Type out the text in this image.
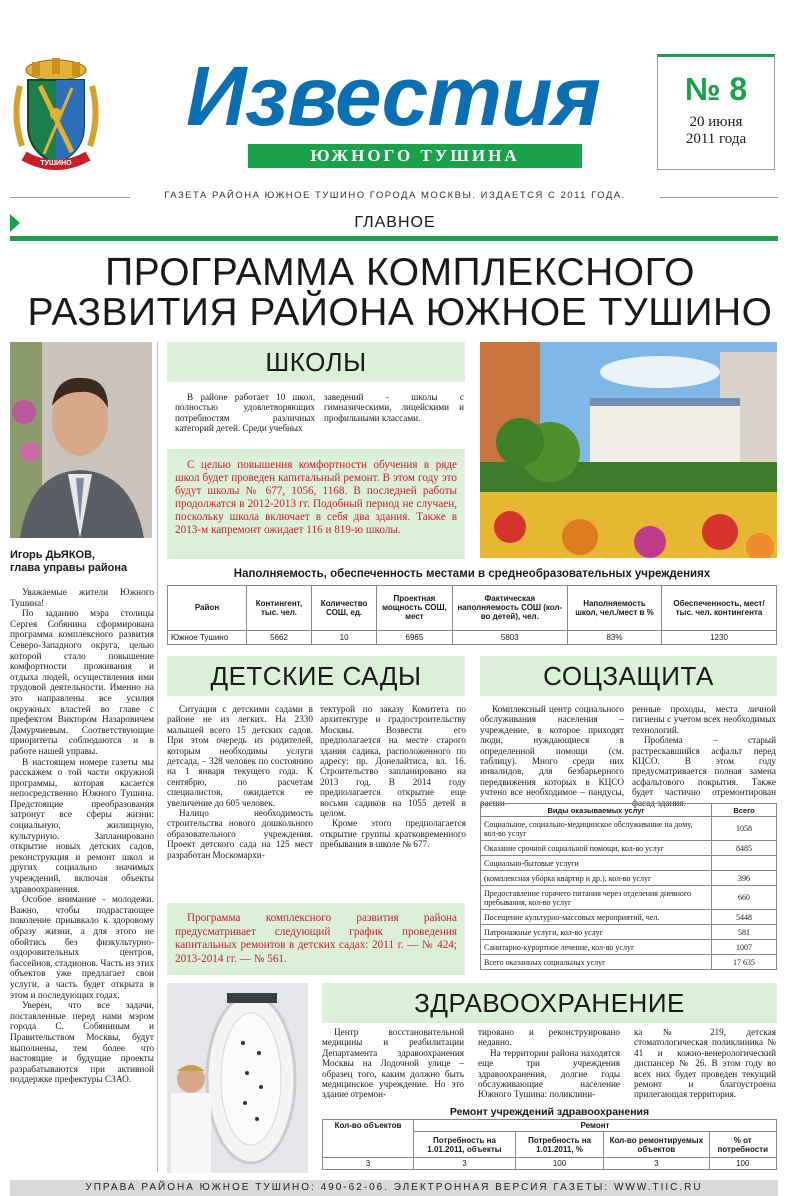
ТУШИНО
Известия
ЮЖНОГО ТУШИНА
№ 8
20 июня
2011 года
ГАЗЕТА РАЙОНА ЮЖНОЕ ТУШИНО ГОРОДА МОСКВЫ. ИЗДАЕТСЯ С 2011 ГОДА.
ГЛАВНОЕ
ПРОГРАММА КОМПЛЕКСНОГО
РАЗВИТИЯ РАЙОНА ЮЖНОЕ ТУШИНО
Игорь ДЬЯКОВ,
глава управы района

Уважаемые жители Южного Тушина!

По заданию мэра столицы Сергея Собянина сформирована программа комплексного развития Северо-Западного округа, целью которой стало повышение комфортности проживания и отдыха людей, осуществления ими трудовой деятельности. Именно на это направлены все усилия окружных властей во главе с префектом Виктором Назаровичем Дамурчиевым. Соответствующие приоритеты соблюдаются и в работе нашей управы.

В настоящем номере газеты мы расскажем о той части окружной программы, которая касается непосредственно Южного Тушина. Предстоящие преобразования затронут все сферы жизни: социальную, жилищную, культурную. Запланировано открытие новых детских садов, реконструкция и ремонт школ и других социально значимых учреждений, включая объекты здравоохранения.

Особое внимание - молодежи. Важно, чтобы подрастающее поколение приывкало к здоровому образу жизни, а для этого не обойтись без физкультурно-оздоровительных центров, бассейнов, стадионов. Часть из этих объектов уже предлагает свои услуги, а часть будет открыта в этом и последующих годах.

Уверен, что все задачи, поставленные перед нами мэром города С. Собяниным и Правительством Москвы, будут выполнены, тем более что настоящие и будущие проекты разрабатываются при активной поддержке префектуры СЗАО.

ШКОЛЫ
В районе работает 10 школ, полностью удовлетворяющих потребностям различных категорий детей. Среди учебных
заведений - школы с гимназическими, лицейскими и профильными классами.
С целью повышения комфортности обучения в ряде школ будет проведен капитальный ремонт. В этом году это будут школы № 677, 1056, 1168. В последней работы продолжатся в 2012-2013 гг. Подобный период не случаен, поскольку школа включает в себя два здания. Также в 2013-м капремонт ожидает 116 и 819-ю школы.
Наполняемость, обеспеченность местами в среднеобразовательных учреждениях
Район	Контингент, тыс. чел.	Количество СОШ, ед.	Проектная мощность СОШ, мест	Фактическая наполняемость СОШ (кол-во детей), чел.	Наполняемость школ, чел./мест в %	Обеспеченность, мест/тыс. чел. контингента
Южное Тушино	5662	10	6965	5803	83%	1230
ДЕТСКИЕ САДЫ

Ситуация с детскими садами в районе не из легких. На 2330 малышей всего 15 детских садов. При этом очередь из родителей, которым необходимы услуги детсада, – 328 человек по состоянию на 1 января текущего года. К сентябрю, по расчетам специалистов, ожидается ее увеличение до 605 человек.

Налицо необходимость строительства нового дошкольного образовательного учреждения. Проект детского сада на 125 мест разработан Москомархи-

тектурой по заказу Комитета по архитектуре и градостроительству Москвы. Возвести его предполагается на месте старого здания садика, расположенного по адресу: пр. Донелайтиса, вл. 16. Строительство запланировано на 2013 год. В 2014 году предполагается открытие еще восьми садиков на 1055 детей в целом.

Кроме этого предполагается открытие группы кратковременного пребывания в школе № 677.

Программа комплексного развития района предусматривает следующий график проведения капитальных ремонтов в детских садах: 2011 г. — № 424; 2013-2014 гг. — № 561.
СОЦЗАЩИТА
Комплексный центр социального обслуживания населения – учреждение, в которое приходят люди, нуждающиеся в определенной помощи (см. таблицу). Много среди них инвалидов, для безбарьерного передвижения которых в КЦСО учтено все необходимое – пандусы, расши-

ренные проходы, места личной гигиены с учетом всех необходимых технологий.

Проблема – старый растрескавшийся асфальт перед КЦСО. В этом году предусматривается полная замена асфальтового покрытия. Также будет частично отремонтирован фасад здания.

Виды оказываемых услуг	Всего
Социальное, социально-медицинское обслуживание на дому, кол-во услуг	1058
Оказание срочной социальной помощи, кол-во услуг	8485
Социально-бытовые услуги	
(комплексная уборка квартир и др.), кол-во услуг	396
Предоставление горячего питания через отделения дневного пребывания, кол-во услуг	660
Посещение культурно-массовых мероприятий, чел.	5448
Патронажные услуги, кол-во услуг	581
Санитарно-курортное лечение, кол-во услуг	1007
Всего оказанных социальных услуг	17 635
ЗДРАВООХРАНЕНИЕ
Центр восстановительной медицины и реабилитации Департамента здравоохранения Москвы на Лодочной улице – образец того, каким должно быть медицинское учреждение. Но это здание отремон-

тировано и реконструировано недавно.

На территории района находятся еще три учреждения здравоохранения, долгие годы обслуживающие население Южного Тушина: поликлини-

ка № 219, детская стоматологическая поликлиника № 41 и кожно-венерологический диспансер № 26. В этом году во всех них будет проведен текущий ремонт и благоустроена прилегающая территория.
Ремонт учреждений здравоохранения
Кол-во объектов	Ремонт			
	Потребность на 1.01.2011, объекты	Потребность на 1.01.2011, %	Кол-во ремонтируемых объектов	% от потребности
3	3	100	3	100
УПРАВА РАЙОНА ЮЖНОЕ ТУШИНО: 490-62-06. ЭЛЕКТРОННАЯ ВЕРСИЯ ГАЗЕТЫ: WWW.TIIC.RU
